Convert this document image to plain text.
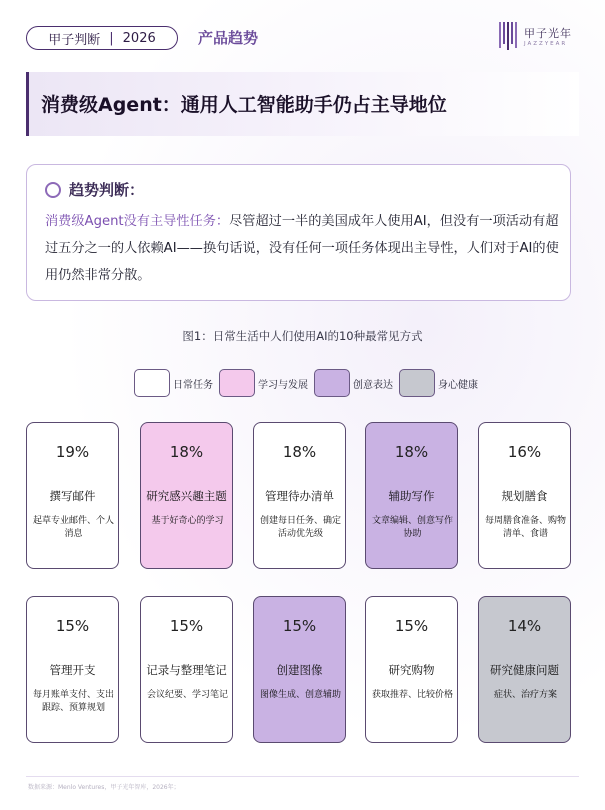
甲子判断 | 2026	产品趋势	甲子光年
JAZZYEAR
消费级Agent：通用人工智能助手仍占主导地位
趋势判断：
消费级Agent没有主导性任务：尽管超过一半的美国成年人使用AI，但没有一项活动有超过五分之一的人依赖AI——换句话说，没有任何一项任务体现出主导性，人们对于AI的使用仍然非常分散。
图1：日常生活中人们使用AI的10种最常见方式
日常任务	学习与发展	创意表达	身心健康
19%
撰写邮件
起草专业邮件、个人消息
18%
研究感兴趣主题
基于好奇心的学习
18%
管理待办清单
创建每日任务、确定活动优先级
18%
辅助写作
文章编辑、创意写作协助
16%
规划膳食
每周膳食准备、购物清单、食谱
15%
管理开支
每月账单支付、支出跟踪、预算规划
15%
记录与整理笔记
会议纪要、学习笔记
15%
创建图像
图像生成、创意辅助
15%
研究购物
获取推荐、比较价格
14%
研究健康问题
症状、治疗方案
数据来源：Menlo Ventures，甲子光年智库，2026年；
